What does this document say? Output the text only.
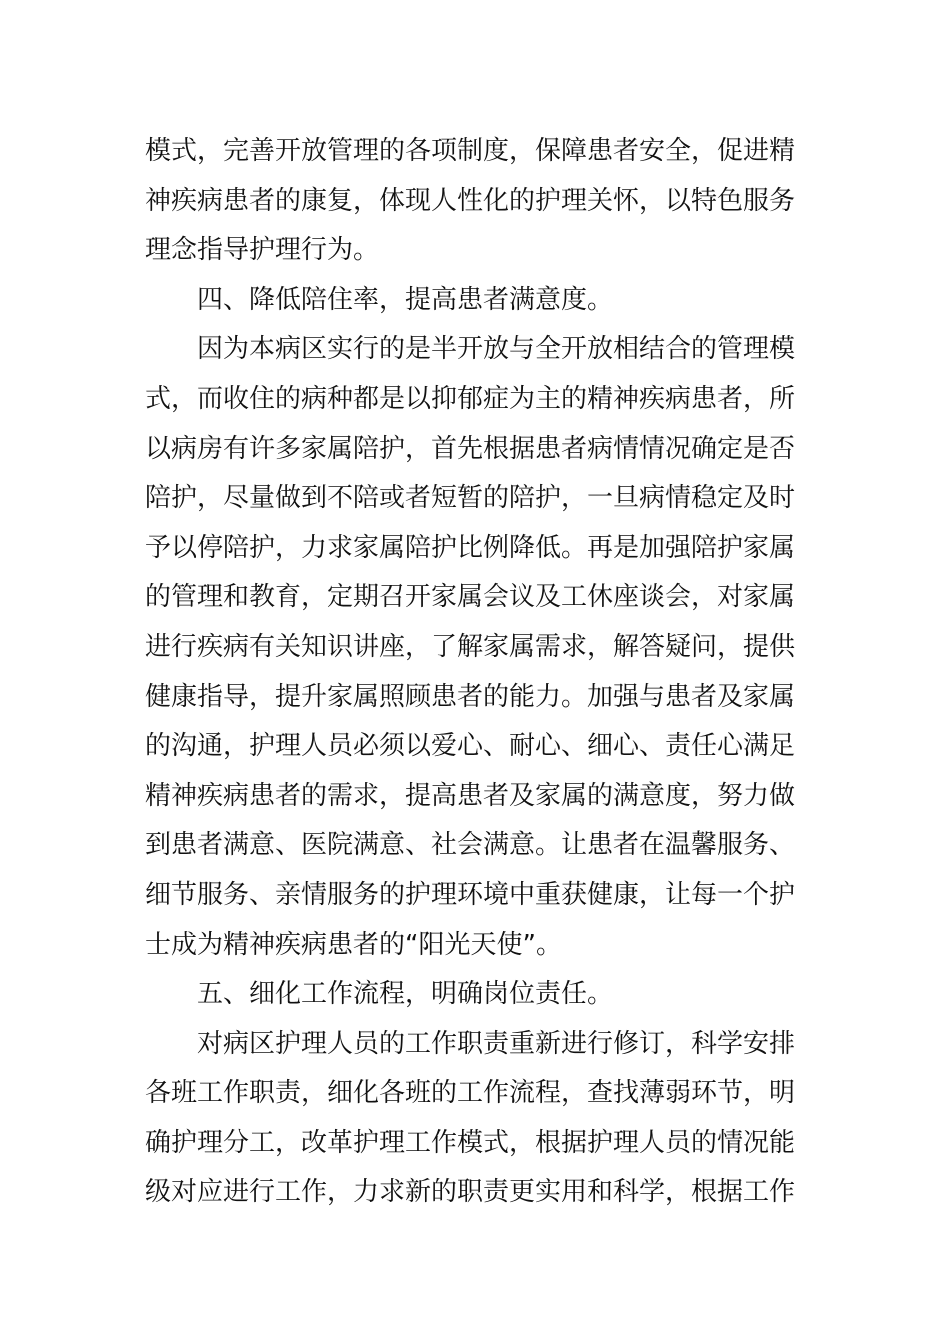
模式，完善开放管理的各项制度，保障患者安全，促进精
神疾病患者的康复，体现人性化的护理关怀，以特色服务
理念指导护理行为。
　　四、降低陪住率，提高患者满意度。
　　因为本病区实行的是半开放与全开放相结合的管理模
式，而收住的病种都是以抑郁症为主的精神疾病患者，所
以病房有许多家属陪护，首先根据患者病情情况确定是否
陪护，尽量做到不陪或者短暂的陪护，一旦病情稳定及时
予以停陪护，力求家属陪护比例降低。再是加强陪护家属
的管理和教育，定期召开家属会议及工休座谈会，对家属
进行疾病有关知识讲座，了解家属需求，解答疑问，提供
健康指导，提升家属照顾患者的能力。加强与患者及家属
的沟通，护理人员必须以爱心、耐心、细心、责任心满足
精神疾病患者的需求，提高患者及家属的满意度，努力做
到患者满意、医院满意、社会满意。让患者在温馨服务、
细节服务、亲情服务的护理环境中重获健康，让每一个护
士成为精神疾病患者的“阳光天使”。
　　五、细化工作流程，明确岗位责任。
　　对病区护理人员的工作职责重新进行修订，科学安排
各班工作职责，细化各班的工作流程，查找薄弱环节，明
确护理分工，改革护理工作模式，根据护理人员的情况能
级对应进行工作，力求新的职责更实用和科学，根据工作
